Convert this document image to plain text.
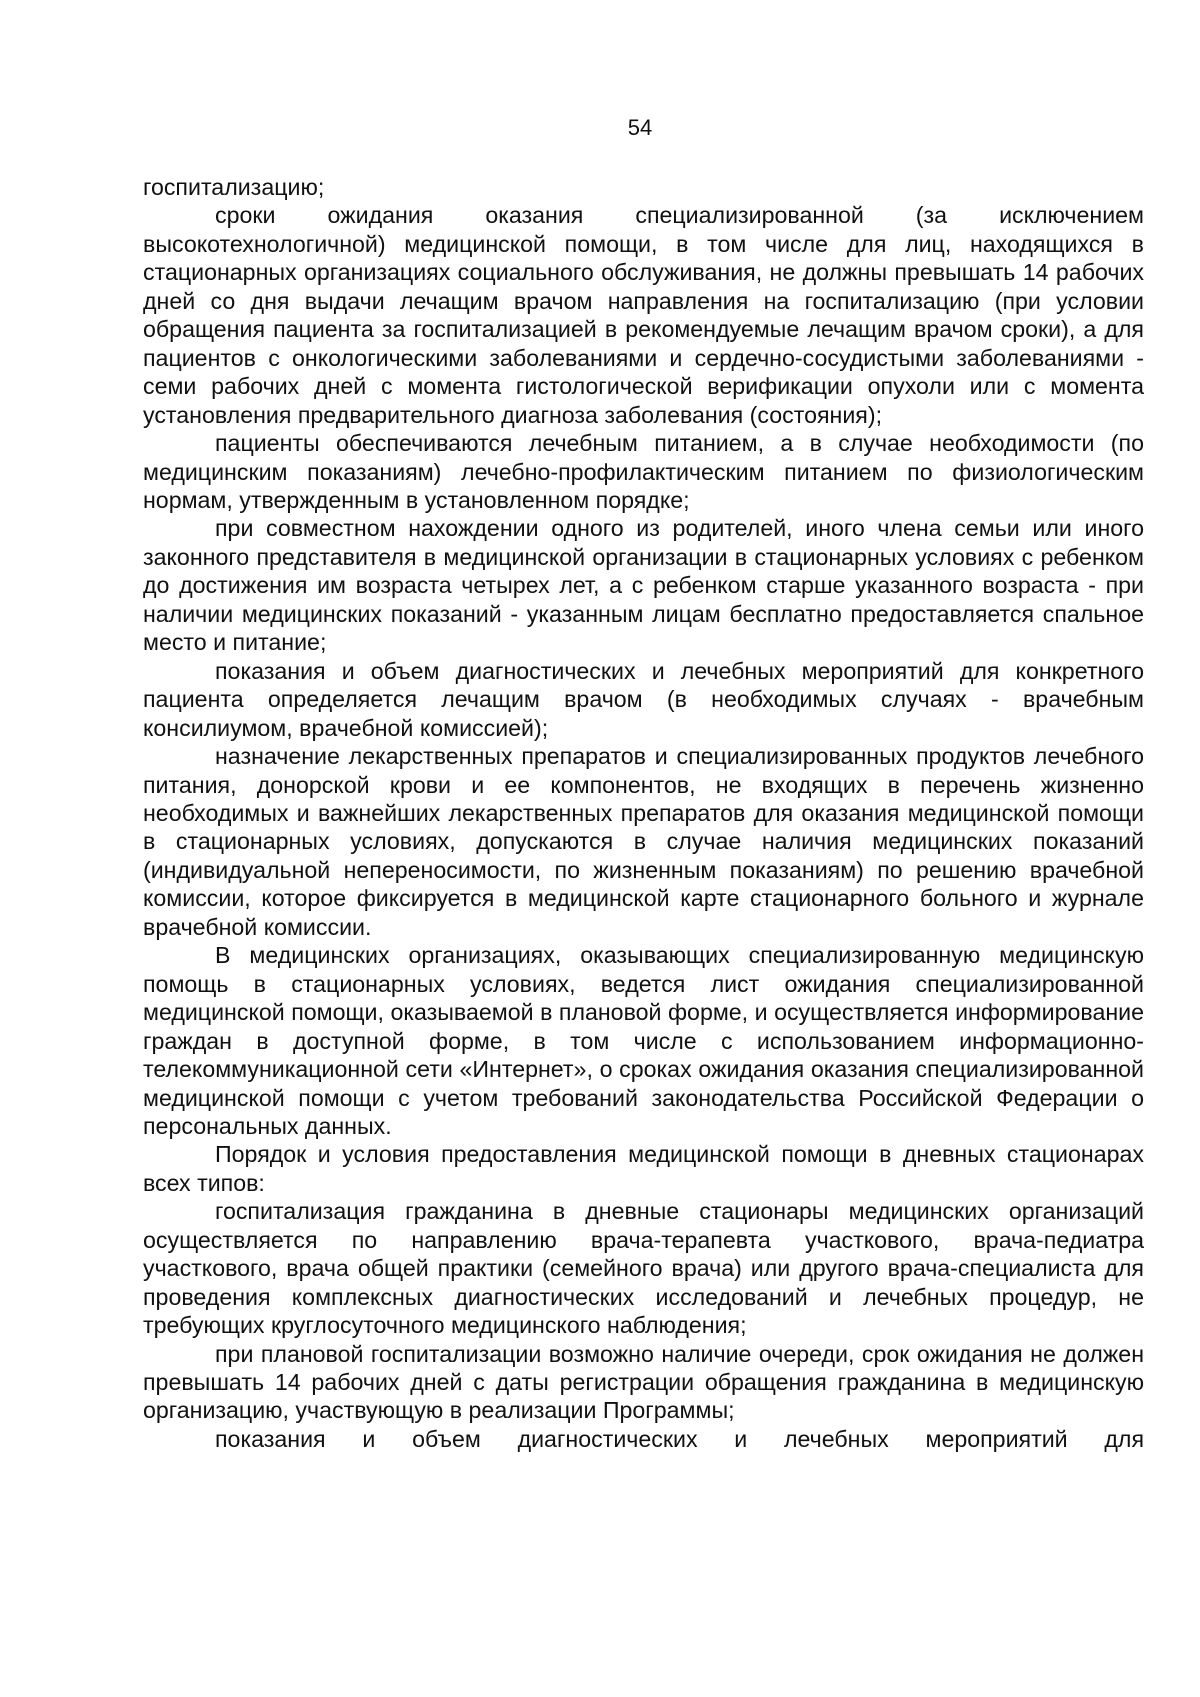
54

госпитализацию;

сроки ожидания оказания специализированной (за исключением высокотехнологичной) медицинской помощи, в том числе для лиц, находящихся в стационарных организациях социального обслуживания, не должны превышать 14 рабочих дней со дня выдачи лечащим врачом направления на госпитализацию (при условии обращения пациента за госпитализацией в рекомендуемые лечащим врачом сроки), а для пациентов с онкологическими заболеваниями и сердечно-сосудистыми заболеваниями - семи рабочих дней с момента гистологической верификации опухоли или с момента установления предварительного диагноза заболевания (состояния);

пациенты обеспечиваются лечебным питанием, а в случае необходимости (по медицинским показаниям) лечебно-профилактическим питанием по физиологическим нормам, утвержденным в установленном порядке;

при совместном нахождении одного из родителей, иного члена семьи или иного законного представителя в медицинской организации в стационарных условиях с ребенком до достижения им возраста четырех лет, а с ребенком старше указанного возраста - при наличии медицинских показаний - указанным лицам бесплатно предоставляется спальное место и питание;

показания и объем диагностических и лечебных мероприятий для конкретного пациента определяется лечащим врачом (в необходимых случаях - врачебным консилиумом, врачебной комиссией);

назначение лекарственных препаратов и специализированных продуктов лечебного питания, донорской крови и ее компонентов, не входящих в перечень жизненно необходимых и важнейших лекарственных препаратов для оказания медицинской помощи в стационарных условиях, допускаются в случае наличия медицинских показаний (индивидуальной непереносимости, по жизненным показаниям) по решению врачебной комиссии, которое фиксируется в медицинской карте стационарного больного и журнале врачебной комиссии.

В медицинских организациях, оказывающих специализированную медицинскую помощь в стационарных условиях, ведется лист ожидания специализированной медицинской помощи, оказываемой в плановой форме, и осуществляется информирование граждан в доступной форме, в том числе с использованием информационно-телекоммуникационной сети «Интернет», о сроках ожидания оказания специализированной медицинской помощи с учетом требований законодательства Российской Федерации о персональных данных.

Порядок и условия предоставления медицинской помощи в дневных стационарах всех типов:

госпитализация гражданина в дневные стационары медицинских организаций осуществляется по направлению врача-терапевта участкового, врача-педиатра участкового, врача общей практики (семейного врача) или другого врача-специалиста для проведения комплексных диагностических исследований и лечебных процедур, не требующих круглосуточного медицинского наблюдения;

при плановой госпитализации возможно наличие очереди, срок ожидания не должен превышать 14 рабочих дней с даты регистрации обращения гражданина в медицинскую организацию, участвующую в реализации Программы;

показания и объем диагностических и лечебных мероприятий для
